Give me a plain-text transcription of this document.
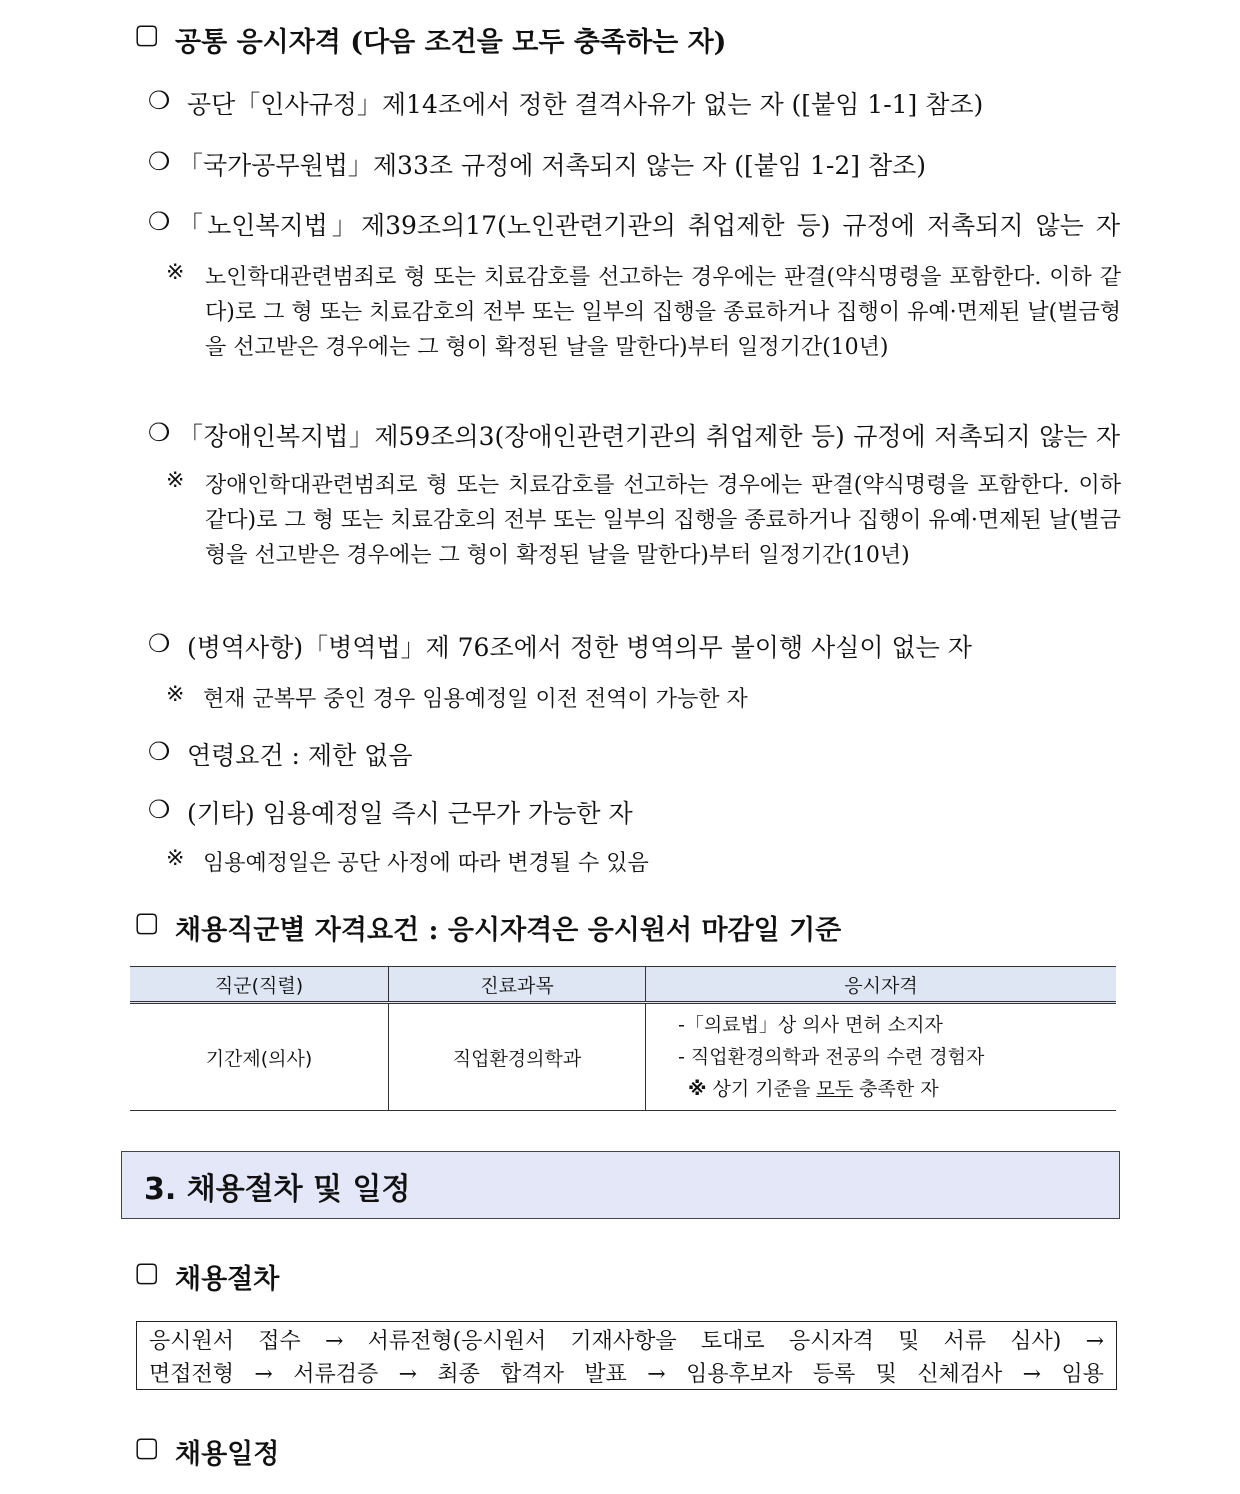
▢ 공통 응시자격 (다음 조건을 모두 충족하는 자)
❍ 공단「인사규정」제14조에서 정한 결격사유가 없는 자 ([붙임 1-1] 참조)
❍ 「국가공무원법」제33조 규정에 저촉되지 않는 자 ([붙임 1-2] 참조)
❍ 「노인복지법」제39조의17(노인관련기관의 취업제한 등) 규정에 저촉되지 않는 자
※ 노인학대관련범죄로 형 또는 치료감호를 선고하는 경우에는 판결(약식명령을 포함한다. 이하 같다)로 그 형 또는 치료감호의 전부 또는 일부의 집행을 종료하거나 집행이 유예·면제된 날(벌금형을 선고받은 경우에는 그 형이 확정된 날을 말한다)부터 일정기간(10년)
❍ 「장애인복지법」제59조의3(장애인관련기관의 취업제한 등) 규정에 저촉되지 않는 자
※ 장애인학대관련범죄로 형 또는 치료감호를 선고하는 경우에는 판결(약식명령을 포함한다. 이하 같다)로 그 형 또는 치료감호의 전부 또는 일부의 집행을 종료하거나 집행이 유예·면제된 날(벌금형을 선고받은 경우에는 그 형이 확정된 날을 말한다)부터 일정기간(10년)
❍ (병역사항)「병역법」제 76조에서 정한 병역의무 불이행 사실이 없는 자
※ 현재 군복무 중인 경우 임용예정일 이전 전역이 가능한 자
❍ 연령요건 : 제한 없음
❍ (기타) 임용예정일 즉시 근무가 가능한 자
※ 임용예정일은 공단 사정에 따라 변경될 수 있음
▢ 채용직군별 자격요건 : 응시자격은 응시원서 마감일 기준
직군(직렬)	진료과목	응시자격
기간제(의사)	직업환경의학과	-「의료법」상 의사 면허 소지자
- 직업환경의학과 전공의 수련 경험자
※ 상기 기준을 모두 충족한 자
3. 채용절차 및 일정
▢ 채용절차
응시원서 접수 → 서류전형(응시원서 기재사항을 토대로 응시자격 및 서류 심사) →
면접전형 → 서류검증 → 최종 합격자 발표 → 임용후보자 등록 및 신체검사 → 임용
▢ 채용일정
